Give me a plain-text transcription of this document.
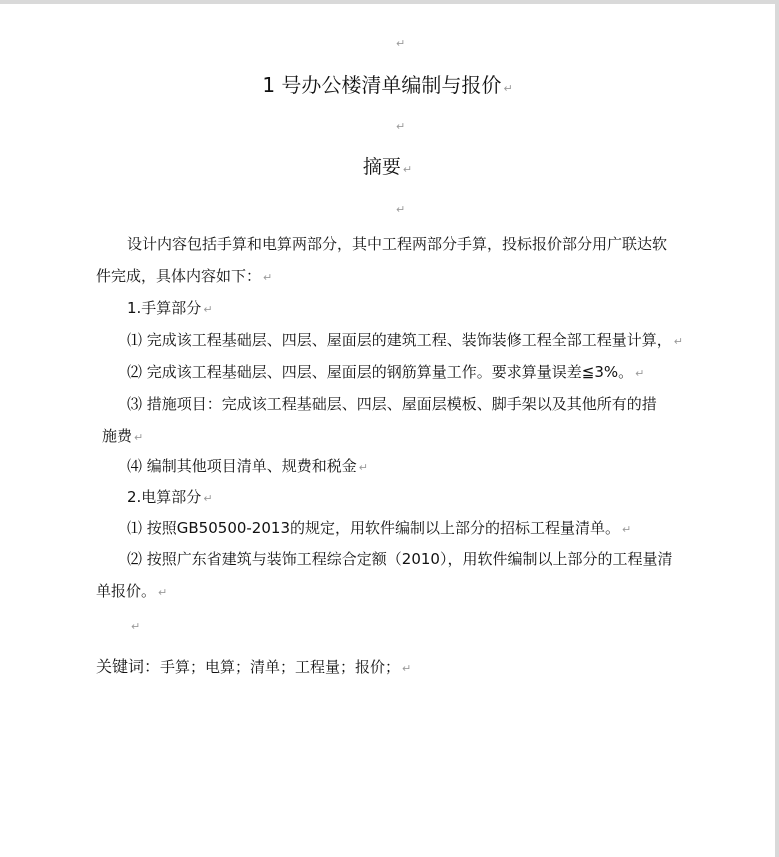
↵
1 号办公楼清单编制与报价 ↵
↵
摘要 ↵
↵
设计内容包括手算和电算两部分，其中工程两部分手算，投标报价部分用广联达软
件完成，具体内容如下： ↵
1.手算部分 ↵
⑴ 完成该工程基础层、四层、屋面层的建筑工程、装饰装修工程全部工程量计算， ↵
⑵ 完成该工程基础层、四层、屋面层的钢筋算量工作。要求算量误差≦3%。 ↵
⑶ 措施项目：完成该工程基础层、四层、屋面层模板、脚手架以及其他所有的措
施费 ↵
⑷ 编制其他项目清单、规费和税金 ↵
2.电算部分 ↵
⑴ 按照GB50500-2013的规定，用软件编制以上部分的招标工程量清单。 ↵
⑵ 按照广东省建筑与装饰工程综合定额（2010），用软件编制以上部分的工程量清
单报价。 ↵
↵
关键词：手算；电算；清单；工程量；报价； ↵
